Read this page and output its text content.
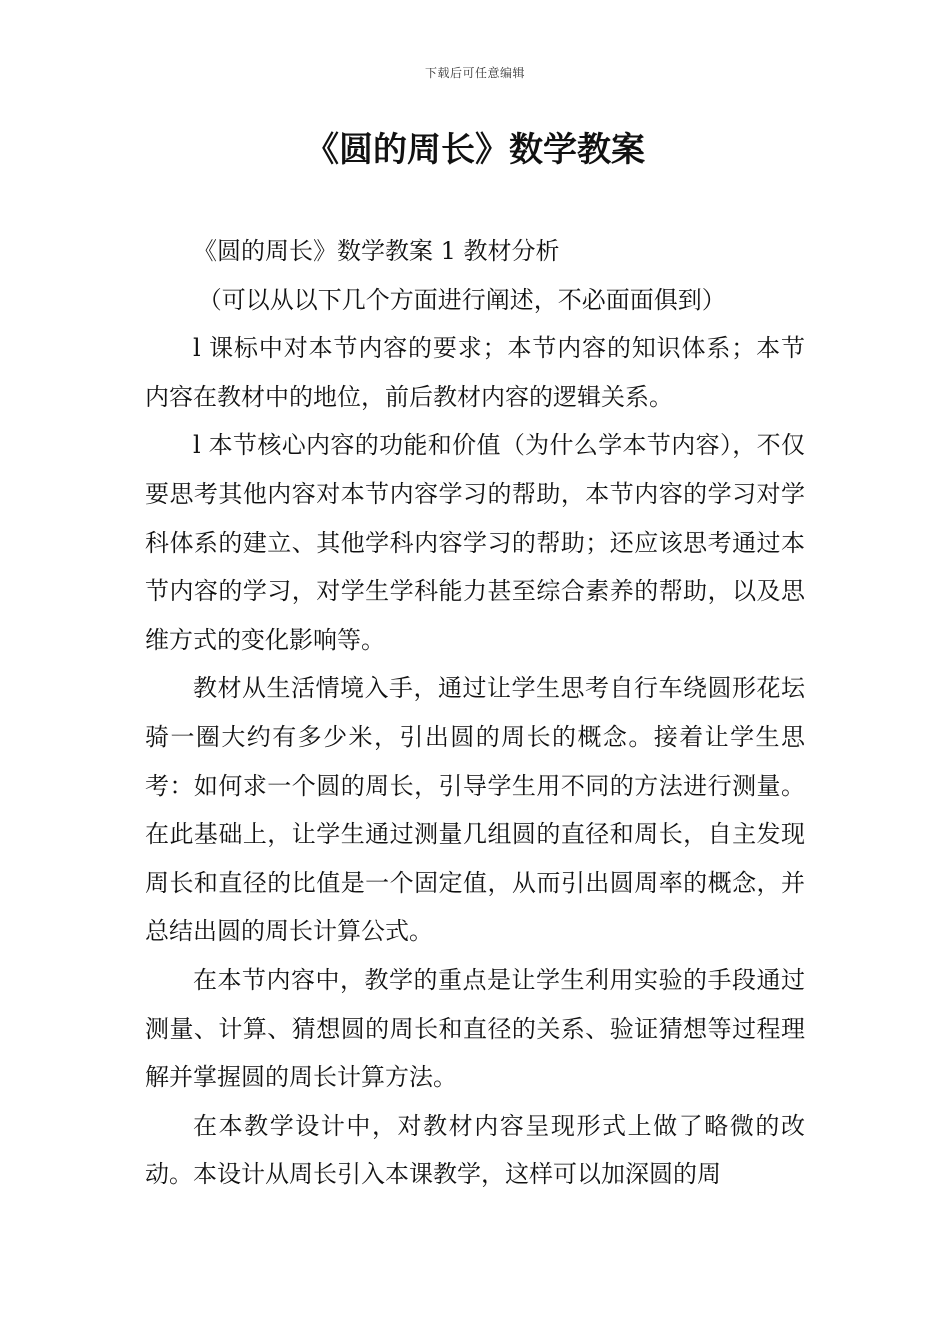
下载后可任意编辑
《圆的周长》数学教案

《圆的周长》数学教案 1 教材分析

（可以从以下几个方面进行阐述，不必面面俱到）

l 课标中对本节内容的要求；本节内容的知识体系；本节内容在教材中的地位，前后教材内容的逻辑关系。

l 本节核心内容的功能和价值（为什么学本节内容），不仅要思考其他内容对本节内容学习的帮助，本节内容的学习对学科体系的建立、其他学科内容学习的帮助；还应该思考通过本节内容的学习，对学生学科能力甚至综合素养的帮助，以及思维方式的变化影响等。

教材从生活情境入手，通过让学生思考自行车绕圆形花坛骑一圈大约有多少米，引出圆的周长的概念。接着让学生思考：如何求一个圆的周长，引导学生用不同的方法进行测量。在此基础上，让学生通过测量几组圆的直径和周长，自主发现周长和直径的比值是一个固定值，从而引出圆周率的概念，并总结出圆的周长计算公式。

在本节内容中，教学的重点是让学生利用实验的手段通过测量、计算、猜想圆的周长和直径的关系、验证猜想等过程理解并掌握圆的周长计算方法。

在本教学设计中，对教材内容呈现形式上做了略微的改动。本设计从周长引入本课教学，这样可以加深圆的周
